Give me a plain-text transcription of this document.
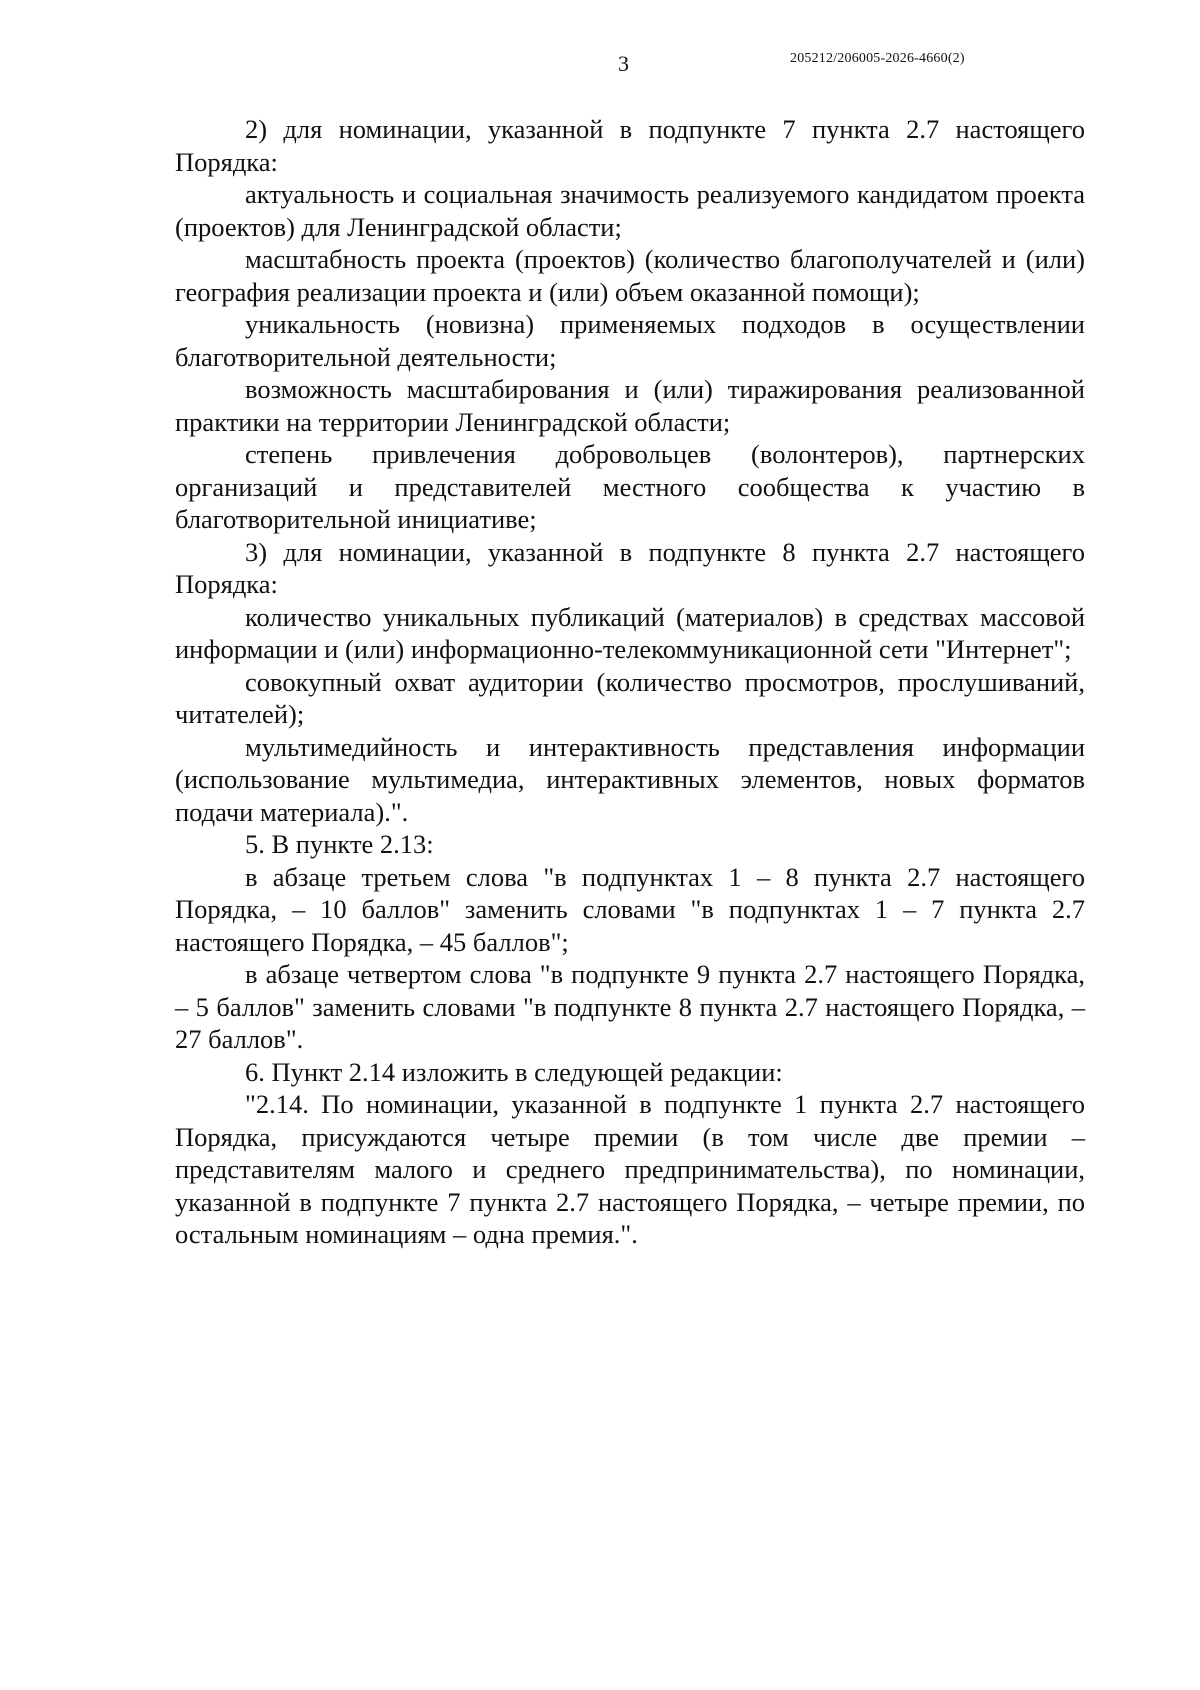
3	205212/206005-2026-4660(2)

2) для номинации, указанной в подпункте 7 пункта 2.7 настоящего Порядка:

актуальность и социальная значимость реализуемого кандидатом проекта (проектов) для Ленинградской области;

масштабность проекта (проектов) (количество благополучателей и (или) география реализации проекта и (или) объем оказанной помощи);

уникальность (новизна) применяемых подходов в осуществлении благотворительной деятельности;

возможность масштабирования и (или) тиражирования реализованной практики на территории Ленинградской области;

степень привлечения добровольцев (волонтеров), партнерских организаций и представителей местного сообщества к участию в благотворительной инициативе;

3) для номинации, указанной в подпункте 8 пункта 2.7 настоящего Порядка:

количество уникальных публикаций (материалов) в средствах массовой информации и (или) информационно-телекоммуникационной сети "Интернет";

совокупный охват аудитории (количество просмотров, прослушиваний, читателей);

мультимедийность и интерактивность представления информации (использование мультимедиа, интерактивных элементов, новых форматов подачи материала).".

5. В пункте 2.13:

в абзаце третьем слова "в подпунктах 1 – 8 пункта 2.7 настоящего Порядка, – 10 баллов" заменить словами "в подпунктах 1 – 7 пункта 2.7 настоящего Порядка, – 45 баллов";

в абзаце четвертом слова "в подпункте 9 пункта 2.7 настоящего Порядка, – 5 баллов" заменить словами "в подпункте 8 пункта 2.7 настоящего Порядка, – 27 баллов".

6. Пункт 2.14 изложить в следующей редакции:

"2.14. По номинации, указанной в подпункте 1 пункта 2.7 настоящего Порядка, присуждаются четыре премии (в том числе две премии – представителям малого и среднего предпринимательства), по номинации, указанной в подпункте 7 пункта 2.7 настоящего Порядка, – четыре премии, по остальным номинациям – одна премия.".
